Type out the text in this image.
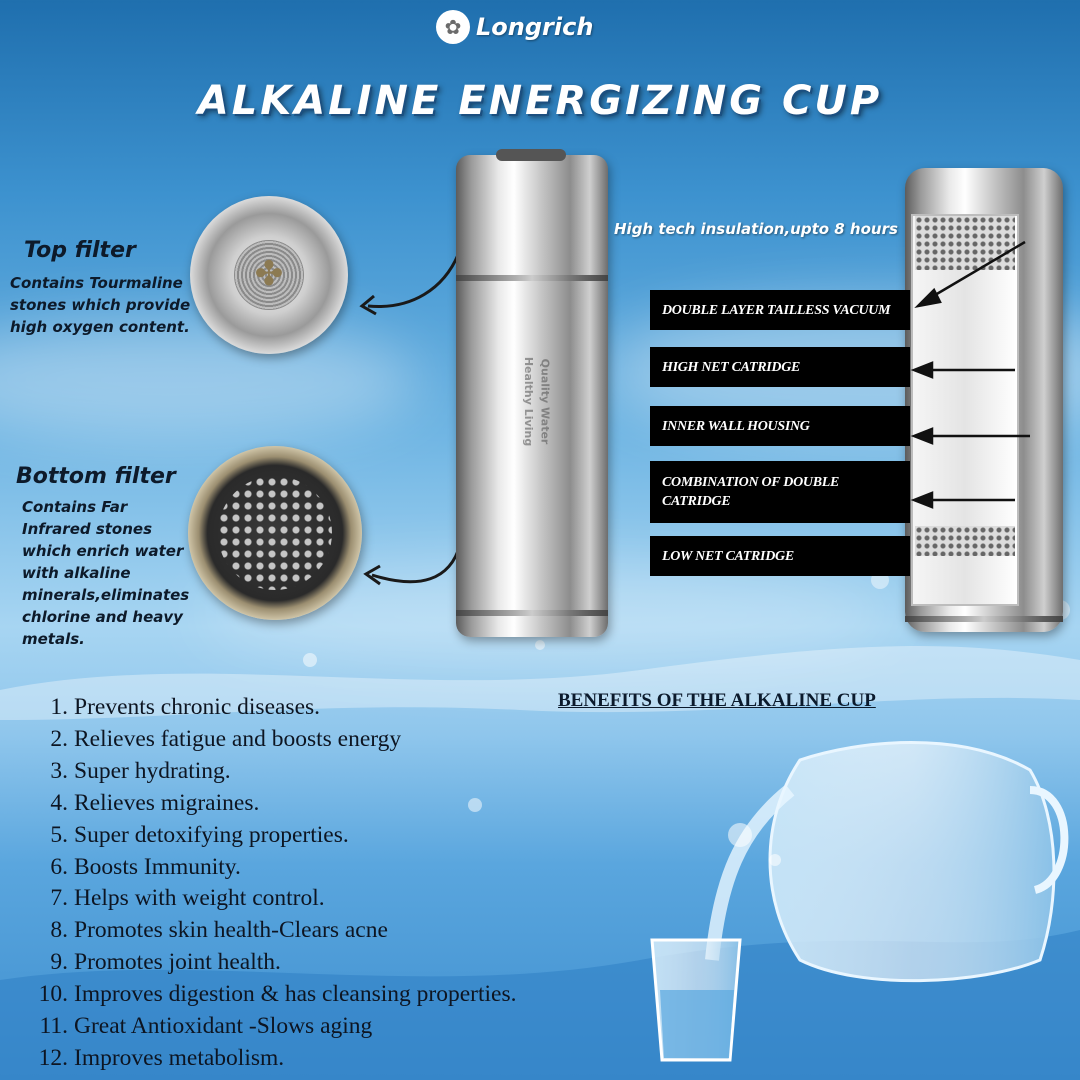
✿ Longrich
ALKALINE ENERGIZING CUP
Top filter
Contains Tourmaline
stones which provide
high oxygen content.
✤
Bottom filter
Contains Far
Infrared stones
which enrich water
with alkaline
minerals,eliminates
chlorine and heavy
metals.
Quality Water
Healthy Living
High tech insulation,upto 8 hours
DOUBLE LAYER TAILLESS VACUUM
HIGH NET CATRIDGE
INNER WALL HOUSING
COMBINATION OF DOUBLE
CATRIDGE
LOW NET CATRIDGE
BENEFITS OF THE ALKALINE CUP
1. Prevents chronic diseases.
2. Relieves fatigue and boosts energy
3. Super hydrating.
4. Relieves migraines.
5. Super detoxifying properties.
6. Boosts Immunity.
7. Helps with weight control.
8. Promotes skin health-Clears acne
9. Promotes joint health.
10. Improves digestion & has cleansing properties.
11. Great Antioxidant -Slows aging
12. Improves metabolism.
